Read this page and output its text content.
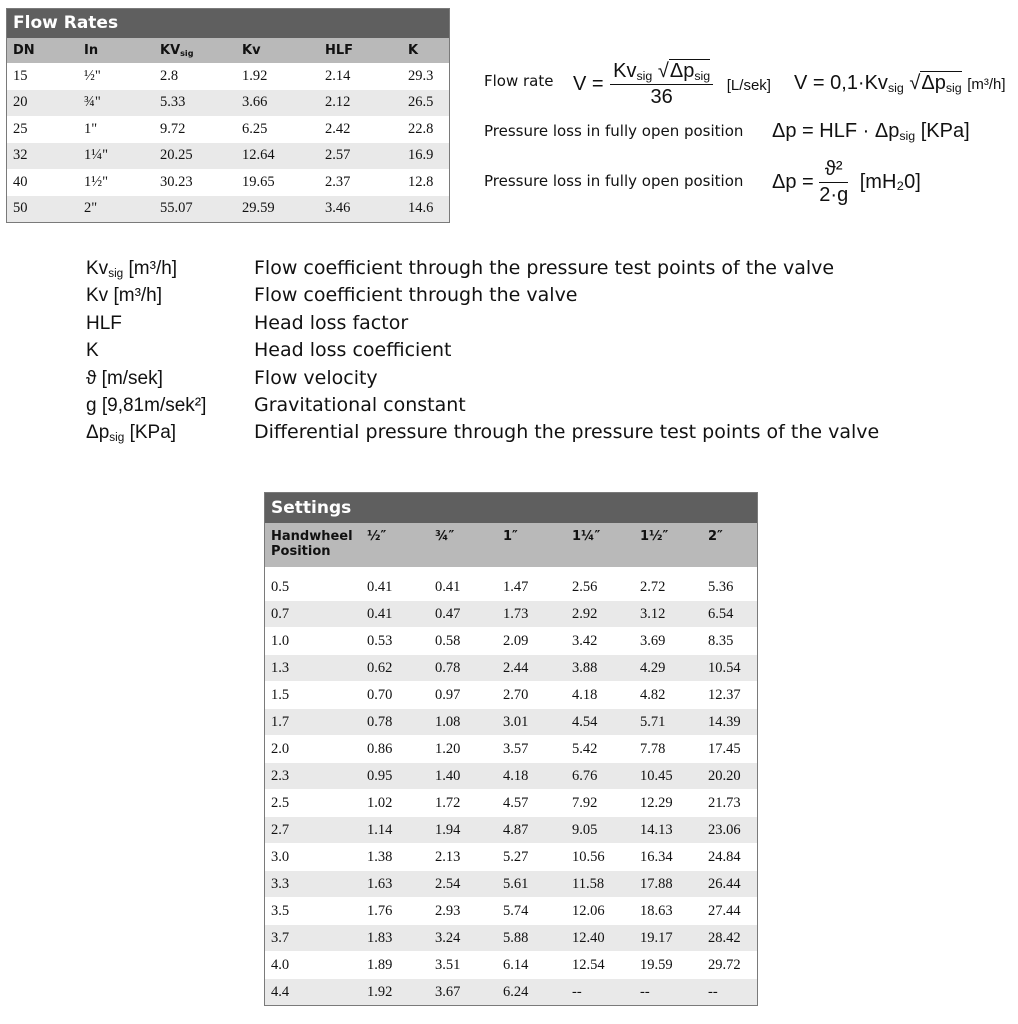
Flow Rates
DN	In	$KV_{sig}$	Kv	HLF	K
15	½"	2.8	1.92	2.14	29.3
20	¾"	5.33	3.66	2.12	26.5
25	1"	9.72	6.25	2.42	22.8
32	1¼"	20.25	12.64	2.57	16.9
40	1½"	30.23	19.65	2.37	12.8
50	2"	55.07	29.59	3.46	14.6
Flow rate $V = \frac{Kv_{sig} √\Delta p_{sig}}{36} [L/sek] V = 0,1\cdot Kv_{sig}$ $√\Delta p_{sig}$ [m³/h]
Pressure loss in fully open position Δp = HLF · $\Delta p_{sig}$ [KPa]
Pressure loss in fully open position $\Delta p = \frac{\text{ϑ²}}{2\cdot g} [mH_20]$
$Kv_{sig}$ [m³/h]	Flow coefficient through the pressure test points of the valve
Kv [m³/h]	Flow coefficient through the valve
HLF	Head loss factor
K	Head loss coefficient
ϑ [m/sek]	Flow velocity
g [9,81m/sek²]	Gravitational constant
$\Delta p_{sig}$ [KPa]	Differential pressure through the pressure test points of the valve
Settings
Handwheel Position	½″	¾″	1″	1¼″	1½″	2″

0.5	0.41	0.41	1.47	2.56	2.72	5.36
0.7	0.41	0.47	1.73	2.92	3.12	6.54
1.0	0.53	0.58	2.09	3.42	3.69	8.35
1.3	0.62	0.78	2.44	3.88	4.29	10.54
1.5	0.70	0.97	2.70	4.18	4.82	12.37
1.7	0.78	1.08	3.01	4.54	5.71	14.39
2.0	0.86	1.20	3.57	5.42	7.78	17.45
2.3	0.95	1.40	4.18	6.76	10.45	20.20
2.5	1.02	1.72	4.57	7.92	12.29	21.73
2.7	1.14	1.94	4.87	9.05	14.13	23.06
3.0	1.38	2.13	5.27	10.56	16.34	24.84
3.3	1.63	2.54	5.61	11.58	17.88	26.44
3.5	1.76	2.93	5.74	12.06	18.63	27.44
3.7	1.83	3.24	5.88	12.40	19.17	28.42
4.0	1.89	3.51	6.14	12.54	19.59	29.72
4.4	1.92	3.67	6.24	--	--	--
